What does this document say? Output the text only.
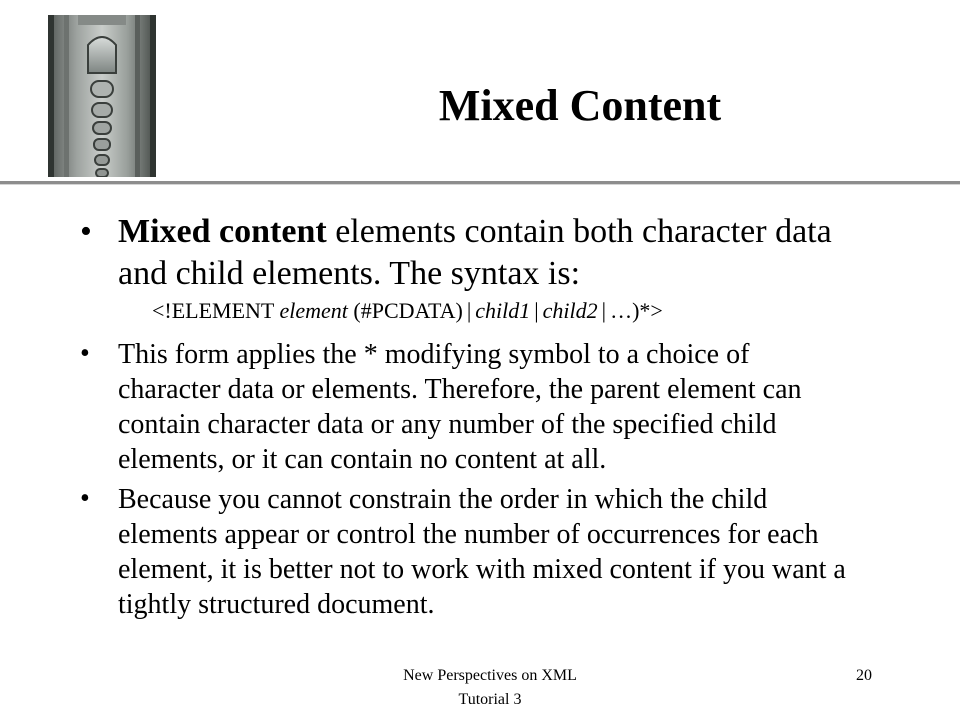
Mixed Content
• Mixed content elements contain both character data and child elements. The syntax is:
<!ELEMENT element (#PCDATA) | child1 | child2 | …)*>
• This form applies the * modifying symbol to a choice of character data or elements. Therefore, the parent element can contain character data or any number of the specified child elements, or it can contain no content at all.
• Because you cannot constrain the order in which the child elements appear or control the number of occurrences for each element, it is better not to work with mixed content if you want a tightly structured document.
New Perspectives on XML
Tutorial 3
20
